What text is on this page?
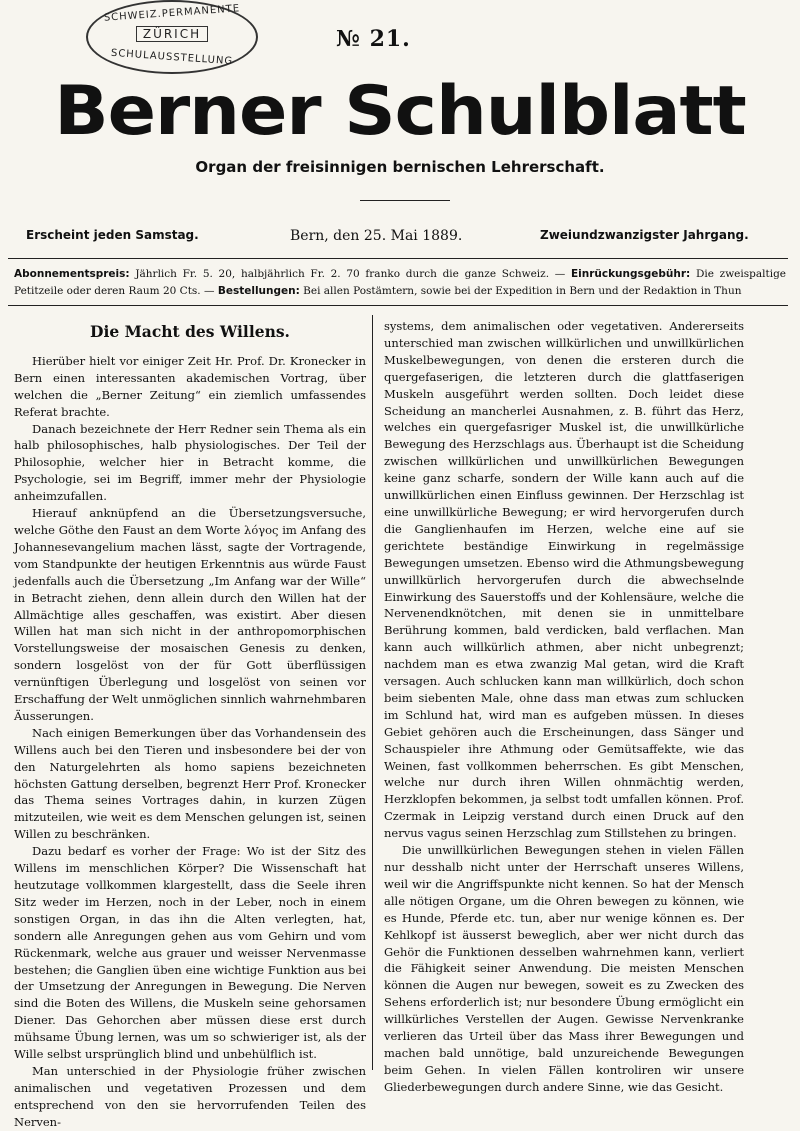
SCHWEIZ.PERMANENTE
ZÜRICH
SCHULAUSSTELLUNG
№ 21.
Berner Schulblatt
Organ der freisinnigen bernischen Lehrerschaft.
Erscheint jeden Samstag.	Bern, den 25. Mai 1889.	Zweiundzwanzigster Jahrgang.
Abonnementspreis: Jährlich Fr. 5. 20, halbjährlich Fr. 2. 70 franko durch die ganze Schweiz. — Einrückungsgebühr: Die zweispaltige Petitzeile oder deren Raum 20 Cts. — Bestellungen: Bei allen Postämtern, sowie bei der Expedition in Bern und der Redaktion in Thun
Die Macht des Willens.

Hierüber hielt vor einiger Zeit Hr. Prof. Dr. Kronecker in Bern einen interessanten akademischen Vortrag, über welchen die „Berner Zeitung“ ein ziemlich umfassendes Referat brachte.

Danach bezeichnete der Herr Redner sein Thema als ein halb philosophisches, halb physiologisches. Der Teil der Philosophie, welcher hier in Betracht komme, die Psychologie, sei im Begriff, immer mehr der Physiologie anheimzufallen.

Hierauf anknüpfend an die Übersetzungsversuche, welche Göthe den Faust an dem Worte λόγος im Anfang des Johannesevangelium machen lässt, sagte der Vortragende, vom Standpunkte der heutigen Erkenntnis aus würde Faust jedenfalls auch die Übersetzung „Im Anfang war der Wille“ in Betracht ziehen, denn allein durch den Willen hat der Allmächtige alles geschaffen, was existirt. Aber diesen Willen hat man sich nicht in der anthropomorphischen Vorstellungsweise der mosaischen Genesis zu denken, sondern losgelöst von der für Gott überflüssigen vernünftigen Überlegung und losgelöst von seinen vor Erschaffung der Welt unmöglichen sinnlich wahrnehmbaren Äusserungen.

Nach einigen Bemerkungen über das Vorhandensein des Willens auch bei den Tieren und insbesondere bei der von den Naturgelehrten als homo sapiens bezeichneten höchsten Gattung derselben, begrenzt Herr Prof. Kronecker das Thema seines Vortrages dahin, in kurzen Zügen mitzuteilen, wie weit es dem Menschen gelungen ist, seinen Willen zu beschränken.

Dazu bedarf es vorher der Frage: Wo ist der Sitz des Willens im menschlichen Körper? Die Wissenschaft hat heutzutage vollkommen klargestellt, dass die Seele ihren Sitz weder im Herzen, noch in der Leber, noch in einem sonstigen Organ, in das ihn die Alten verlegten, hat, sondern alle Anregungen gehen aus vom Gehirn und vom Rückenmark, welche aus grauer und weisser Nervenmasse bestehen; die Ganglien üben eine wichtige Funktion aus bei der Umsetzung der Anregungen in Bewegung. Die Nerven sind die Boten des Willens, die Muskeln seine gehorsamen Diener. Das Gehorchen aber müssen diese erst durch mühsame Übung lernen, was um so schwieriger ist, als der Wille selbst ursprünglich blind und unbehülflich ist.

Man unterschied in der Physiologie früher zwischen animalischen und vegetativen Prozessen und dem entsprechend von den sie hervorrufenden Teilen des Nerven-

systems, dem animalischen oder vegetativen. Andererseits unterschied man zwischen willkürlichen und unwillkürlichen Muskelbewegungen, von denen die ersteren durch die quergefaserigen, die letzteren durch die glattfaserigen Muskeln ausgeführt werden sollten. Doch leidet diese Scheidung an mancherlei Ausnahmen, z. B. führt das Herz, welches ein quergefasriger Muskel ist, die unwillkürliche Bewegung des Herzschlags aus. Überhaupt ist die Scheidung zwischen willkürlichen und unwillkürlichen Bewegungen keine ganz scharfe, sondern der Wille kann auch auf die unwillkürlichen einen Einfluss gewinnen. Der Herzschlag ist eine unwillkürliche Bewegung; er wird hervorgerufen durch die Ganglienhaufen im Herzen, welche eine auf sie gerichtete beständige Einwirkung in regelmässige Bewegungen umsetzen. Ebenso wird die Athmungsbewegung unwillkürlich hervorgerufen durch die abwechselnde Einwirkung des Sauerstoffs und der Kohlensäure, welche die Nervenendknötchen, mit denen sie in unmittelbare Berührung kommen, bald verdicken, bald verflachen. Man kann auch willkürlich athmen, aber nicht unbegrenzt; nachdem man es etwa zwanzig Mal getan, wird die Kraft versagen. Auch schlucken kann man willkürlich, doch schon beim siebenten Male, ohne dass man etwas zum schlucken im Schlund hat, wird man es aufgeben müssen. In dieses Gebiet gehören auch die Erscheinungen, dass Sänger und Schauspieler ihre Athmung oder Gemütsaffekte, wie das Weinen, fast vollkommen beherrschen. Es gibt Menschen, welche nur durch ihren Willen ohnmächtig werden, Herzklopfen bekommen, ja selbst todt umfallen können. Prof. Czermak in Leipzig verstand durch einen Druck auf den nervus vagus seinen Herzschlag zum Stillstehen zu bringen.

Die unwillkürlichen Bewegungen stehen in vielen Fällen nur desshalb nicht unter der Herrschaft unseres Willens, weil wir die Angriffspunkte nicht kennen. So hat der Mensch alle nötigen Organe, um die Ohren bewegen zu können, wie es Hunde, Pferde etc. tun, aber nur wenige können es. Der Kehlkopf ist äusserst beweglich, aber wer nicht durch das Gehör die Funktionen desselben wahrnehmen kann, verliert die Fähigkeit seiner Anwendung. Die meisten Menschen können die Augen nur bewegen, soweit es zu Zwecken des Sehens erforderlich ist; nur besondere Übung ermöglicht ein willkürliches Verstellen der Augen. Gewisse Nervenkranke verlieren das Urteil über das Mass ihrer Bewegungen und machen bald unnötige, bald unzureichende Bewegungen beim Gehen. In vielen Fällen kontroliren wir unsere Gliederbewegungen durch andere Sinne, wie das Gesicht.
